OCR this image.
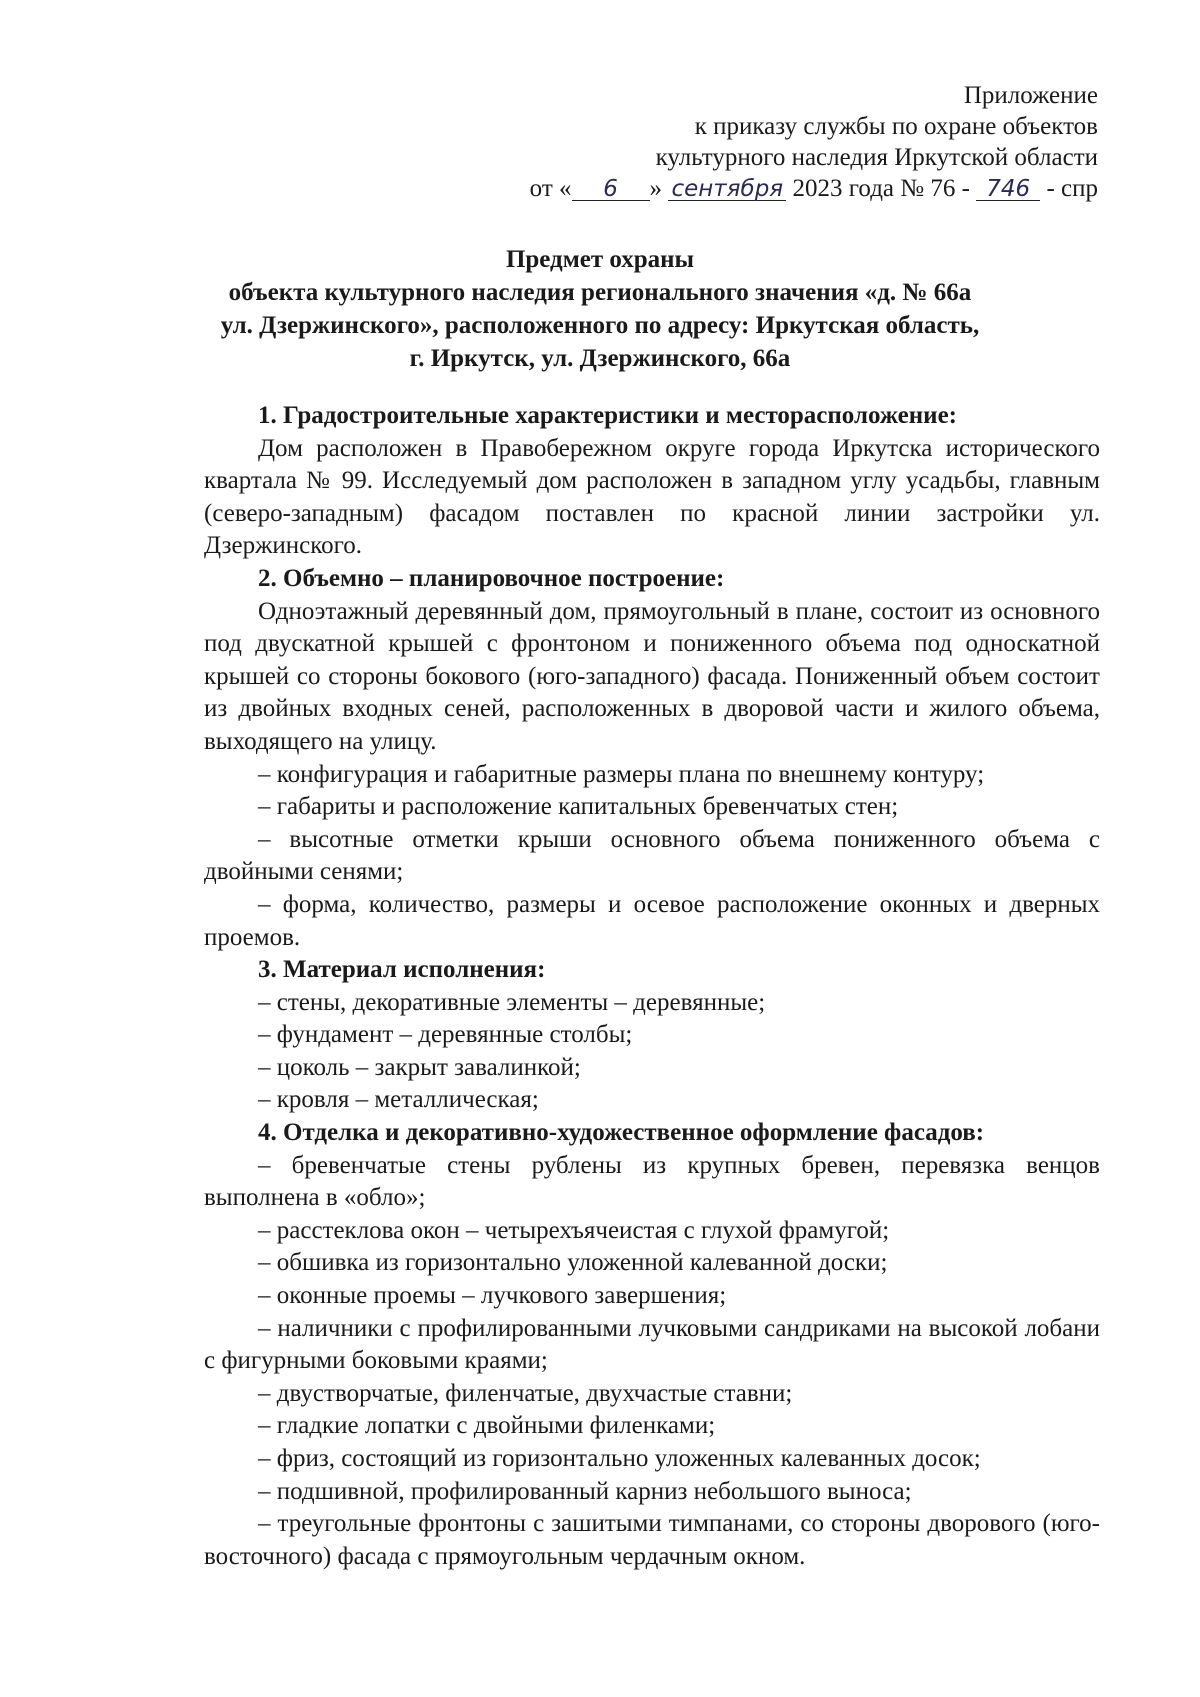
Приложение
к приказу службы по охране объектов
культурного наследия Иркутской области
от « 6 » сентября 2023 года № 76 - 746 - спр
Предмет охраны
объекта культурного наследия регионального значения «д. № 66а
ул. Дзержинского», расположенного по адресу: Иркутская область,
г. Иркутск, ул. Дзержинского, 66а

1. Градостроительные характеристики и месторасположение:

Дом расположен в Правобережном округе города Иркутска исторического квартала № 99. Исследуемый дом расположен в западном углу усадьбы, главным (северо-западным) фасадом поставлен по красной линии застройки ул. Дзержинского.

2. Объемно – планировочное построение:

Одноэтажный деревянный дом, прямоугольный в плане, состоит из основного под двускатной крышей с фронтоном и пониженного объема под односкатной крышей со стороны бокового (юго-западного) фасада. Пониженный объем состоит из двойных входных сеней, расположенных в дворовой части и жилого объема, выходящего на улицу.

– конфигурация и габаритные размеры плана по внешнему контуру;

– габариты и расположение капитальных бревенчатых стен;

– высотные отметки крыши основного объема пониженного объема с двойными сенями;

– форма, количество, размеры и осевое расположение оконных и дверных проемов.

3. Материал исполнения:

– стены, декоративные элементы – деревянные;

– фундамент – деревянные столбы;

– цоколь – закрыт завалинкой;

– кровля – металлическая;

4. Отделка и декоративно-художественное оформление фасадов:

– бревенчатые стены рублены из крупных бревен, перевязка венцов выполнена в «обло»;

– расстеклова окон – четырехъячеистая с глухой фрамугой;

– обшивка из горизонтально уложенной калеванной доски;

– оконные проемы – лучкового завершения;

– наличники с профилированными лучковыми сандриками на высокой лобани с фигурными боковыми краями;

– двустворчатые, филенчатые, двухчастые ставни;

– гладкие лопатки с двойными филенками;

– фриз, состоящий из горизонтально уложенных калеванных досок;

– подшивной, профилированный карниз небольшого выноса;

– треугольные фронтоны с зашитыми тимпанами, со стороны дворового (юго-восточного) фасада с прямоугольным чердачным окном.
